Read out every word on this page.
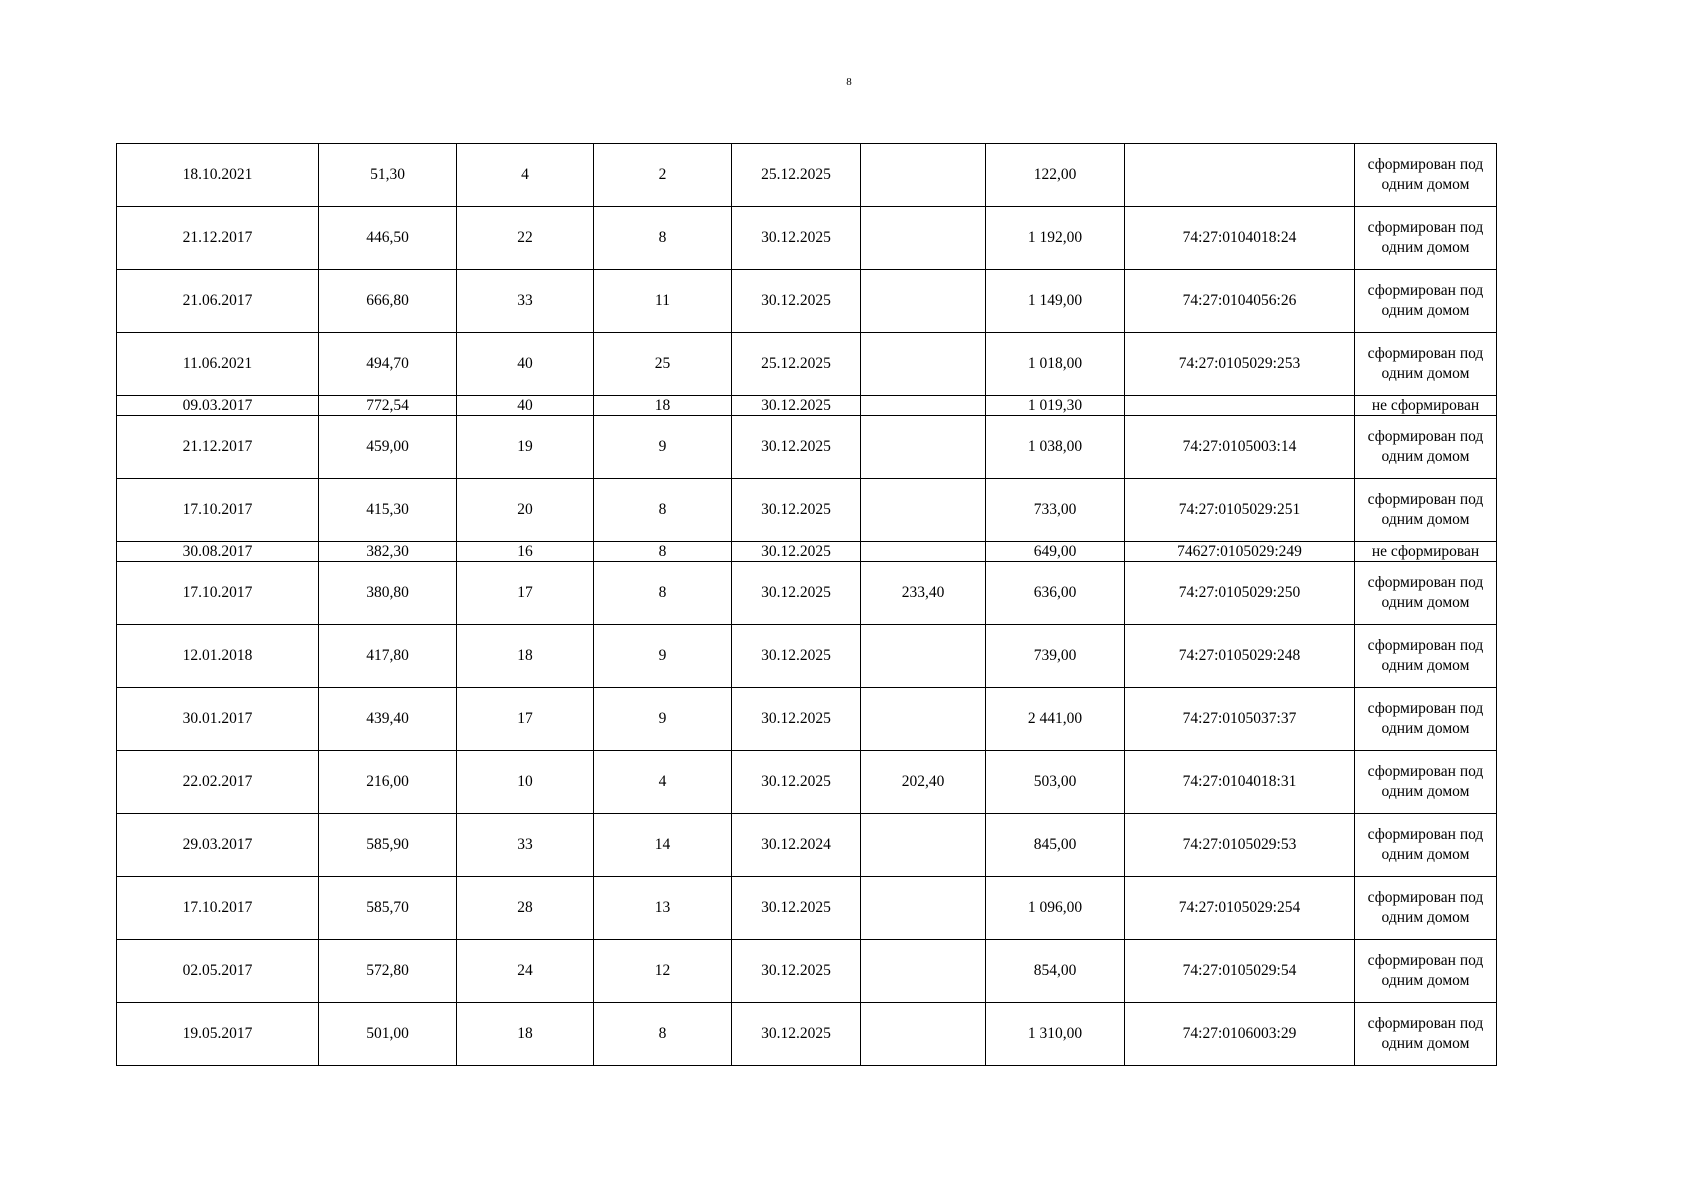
8
18.10.2021	51,30	4	2	25.12.2025		122,00		сформирован под одним домом
21.12.2017	446,50	22	8	30.12.2025		1 192,00	74:27:0104018:24	сформирован под одним домом
21.06.2017	666,80	33	11	30.12.2025		1 149,00	74:27:0104056:26	сформирован под одним домом
11.06.2021	494,70	40	25	25.12.2025		1 018,00	74:27:0105029:253	сформирован под одним домом
09.03.2017	772,54	40	18	30.12.2025		1 019,30		не сформирован
21.12.2017	459,00	19	9	30.12.2025		1 038,00	74:27:0105003:14	сформирован под одним домом
17.10.2017	415,30	20	8	30.12.2025		733,00	74:27:0105029:251	сформирован под одним домом
30.08.2017	382,30	16	8	30.12.2025		649,00	74627:0105029:249	не сформирован
17.10.2017	380,80	17	8	30.12.2025	233,40	636,00	74:27:0105029:250	сформирован под одним домом
12.01.2018	417,80	18	9	30.12.2025		739,00	74:27:0105029:248	сформирован под одним домом
30.01.2017	439,40	17	9	30.12.2025		2 441,00	74:27:0105037:37	сформирован под одним домом
22.02.2017	216,00	10	4	30.12.2025	202,40	503,00	74:27:0104018:31	сформирован под одним домом
29.03.2017	585,90	33	14	30.12.2024		845,00	74:27:0105029:53	сформирован под одним домом
17.10.2017	585,70	28	13	30.12.2025		1 096,00	74:27:0105029:254	сформирован под одним домом
02.05.2017	572,80	24	12	30.12.2025		854,00	74:27:0105029:54	сформирован под одним домом
19.05.2017	501,00	18	8	30.12.2025		1 310,00	74:27:0106003:29	сформирован под одним домом
